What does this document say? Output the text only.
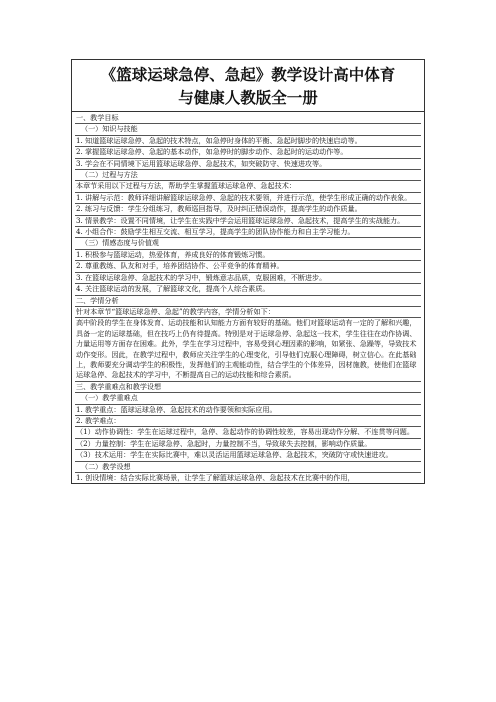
《篮球运球急停、急起》教学设计高中体育
与健康人教版全一册
一、教学目标
（一）知识与技能
1. 知道篮球运球急停、急起的技术特点，如急停时身体的平衡、急起时脚步的快速启动等。
2. 掌握篮球运球急停、急起的基本动作，如急停时的脚步动作、急起时的运动动作等。
3. 学会在不同情境下运用篮球运球急停、急起技术，如突破防守、快速进攻等。
（二）过程与方法
本章节采用以下过程与方法，帮助学生掌握篮球运球急停、急起技术：
1. 讲解与示范：教师详细讲解篮球运球急停、急起的技术要领，并进行示范，使学生形成正确的动作表象。
2. 练习与反馈：学生分组练习，教师巡回指导，及时纠正错误动作，提高学生的动作质量。
3. 情景教学：设置不同情境，让学生在实践中学会运用篮球运球急停、急起技术，提高学生的实战能力。
4. 小组合作：鼓励学生相互交流、相互学习，提高学生的团队协作能力和自主学习能力。
（三）情感态度与价值观
1. 积极参与篮球运动，热爱体育，养成良好的体育锻炼习惯。
2. 尊重教练、队友和对手，培养团结协作、公平竞争的体育精神。
3. 在篮球运球急停、急起技术的学习中，锻炼意志品质，克服困难，不断进步。
4. 关注篮球运动的发展，了解篮球文化，提高个人综合素质。
二、学情分析
针对本章节“篮球运球急停、急起”的教学内容，学情分析如下：
高中阶段的学生在身体发育、运动技能和认知能力方面有较好的基础。他们对篮球运动有一定的了解和兴趣，具备一定的运球基础，但在技巧上仍有待提高。特别是对于运球急停、急起这一技术，学生往往在动作协调、力量运用等方面存在困难。此外，学生在学习过程中，容易受到心理因素的影响，如紧张、急躁等，导致技术动作变形。因此，在教学过程中，教师应关注学生的心理变化，引导他们克服心理障碍，树立信心。在此基础上，教师要充分调动学生的积极性，发挥他们的主观能动性，结合学生的个体差异，因材施教，使他们在篮球运球急停、急起技术的学习中，不断提高自己的运动技能和综合素质。
三、教学重难点和教学设想
（一）教学重难点
1. 教学重点：篮球运球急停、急起技术的动作要领和实际应用。
2. 教学难点：
（1）动作协调性：学生在运球过程中，急停、急起动作的协调性较差，容易出现动作分解、不连贯等问题。
（2）力量控制：学生在运球急停、急起时，力量控制不当，导致球失去控制，影响动作质量。
（3）技术运用：学生在实际比赛中，难以灵活运用篮球运球急停、急起技术，突破防守或快速进攻。
（二）教学设想
1. 创设情境：结合实际比赛场景，让学生了解篮球运球急停、急起技术在比赛中的作用，
